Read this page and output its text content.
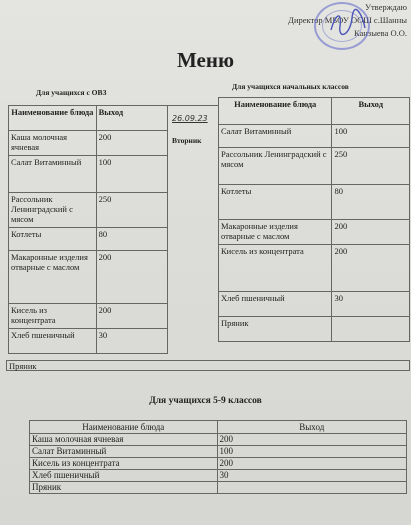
Утверждаю
Директор МБОУ ООШ с.Шанны
Канзыева О.О.
Меню
Для учащихся с ОВЗ
Для учащихся начальных классов
Наименование блюда	Выход
Каша молочная ячневая	200
Салат Витаминный	100
Рассольник Ленинградский с мясом	250
Котлеты	80
Макаронные изделия отварные с маслом	200
Кисель из концентрата	200
Хлеб пшеничный	30
26.09.23
Вторник
Наименование блюда	Выход
Салат Витаминный	100
Рассольник Ленинградский с мясом	250
Котлеты	80
Макаронные изделия отварные с маслом	200
Кисель из концентрата	200
Хлеб пшеничный	30
Пряник	
Пряник
Для учащихся 5-9 классов
Наименование блюда	Выход
Каша молочная ячневая	200
Салат Витаминный	100
Кисель из концентрата	200
Хлеб пшеничный	30
Пряник	
